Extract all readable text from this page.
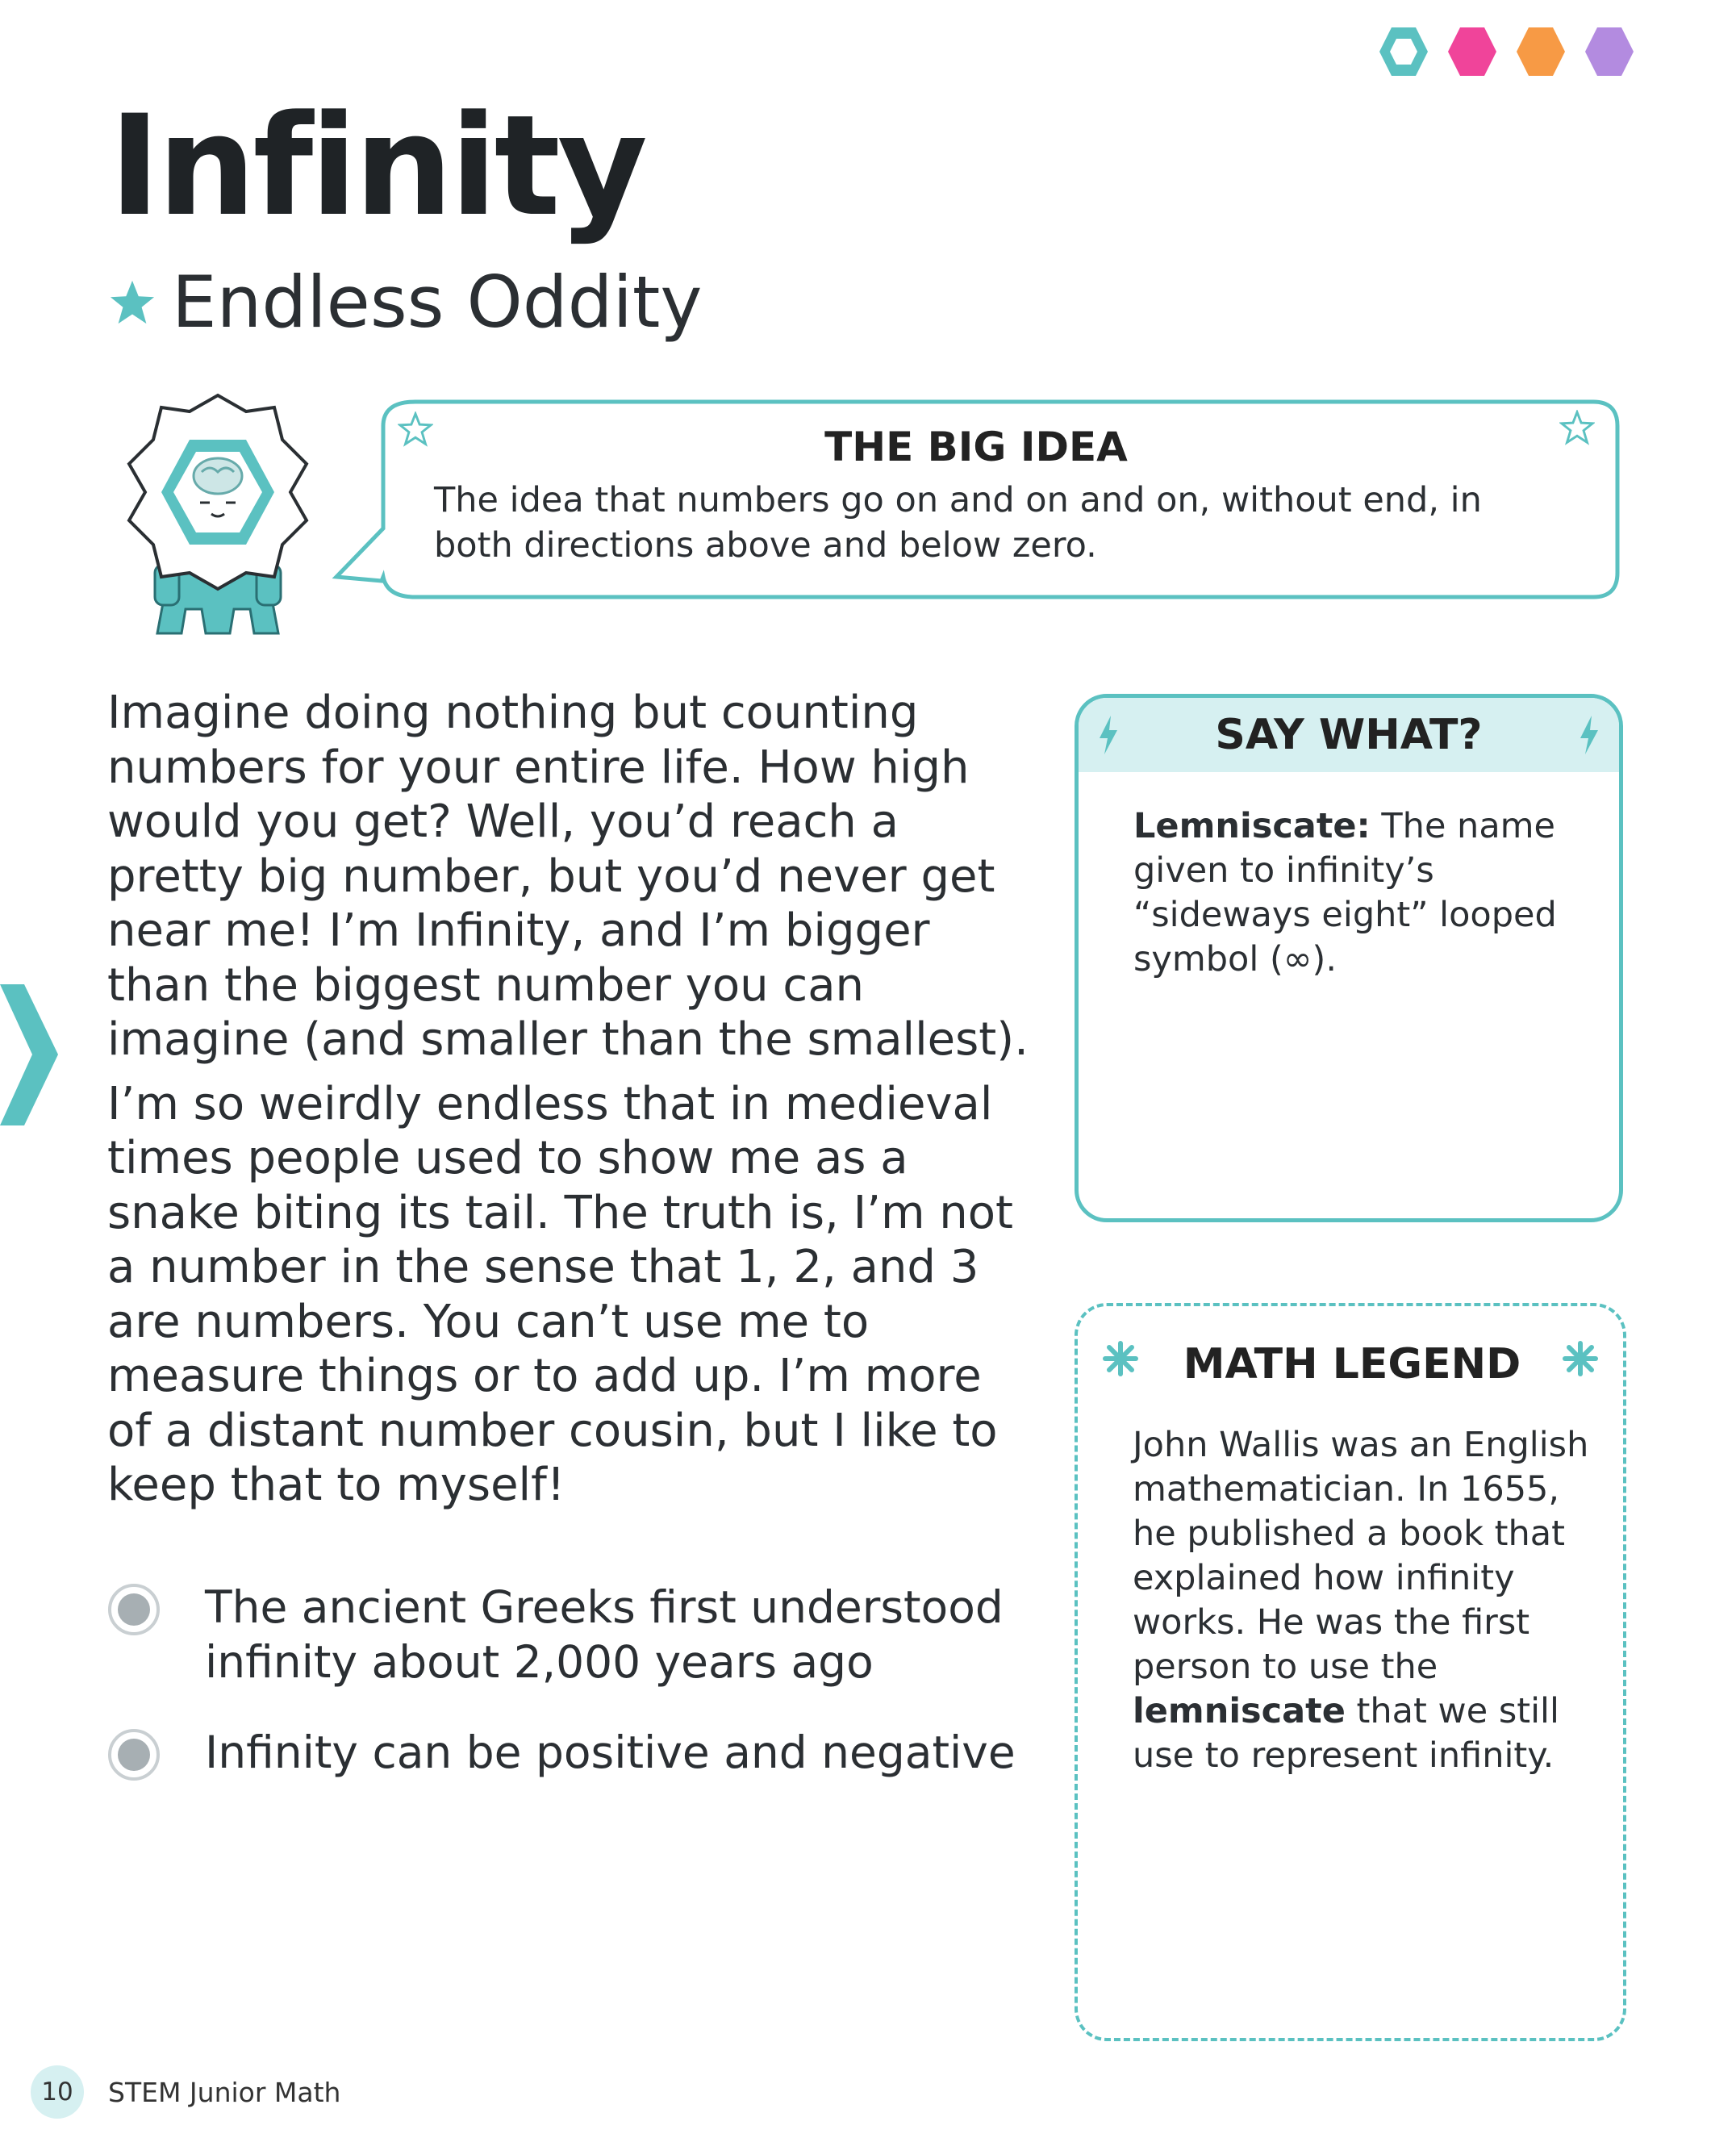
Infinity
Endless Oddity
THE BIG IDEA
The idea that numbers go on and on and on, without end, in both directions above and below zero.

Imagine doing nothing but counting numbers for your entire life. How high would you get? Well, you’d reach a pretty big number, but you’d never get near me! I’m Infinity, and I’m bigger than the biggest number you can imagine (and smaller than the smallest).

I’m so weirdly endless that in medieval times people used to show me as a snake biting its tail. The truth is, I’m not a number in the sense that 1, 2, and 3 are numbers. You can’t use me to measure things or to add up. I’m more of a distant number cousin, but I like to keep that to myself!

The ancient Greeks first understood infinity about 2,000 years ago
Infinity can be positive and negative
SAY WHAT?
Lemniscate: The name given to infinity’s “sideways eight” looped symbol (∞).
MATH LEGEND
John Wallis was an English mathematician. In 1655, he published a book that explained how infinity works. He was the first person to use the lemniscate that we still use to represent infinity.
10	STEM Junior Math
